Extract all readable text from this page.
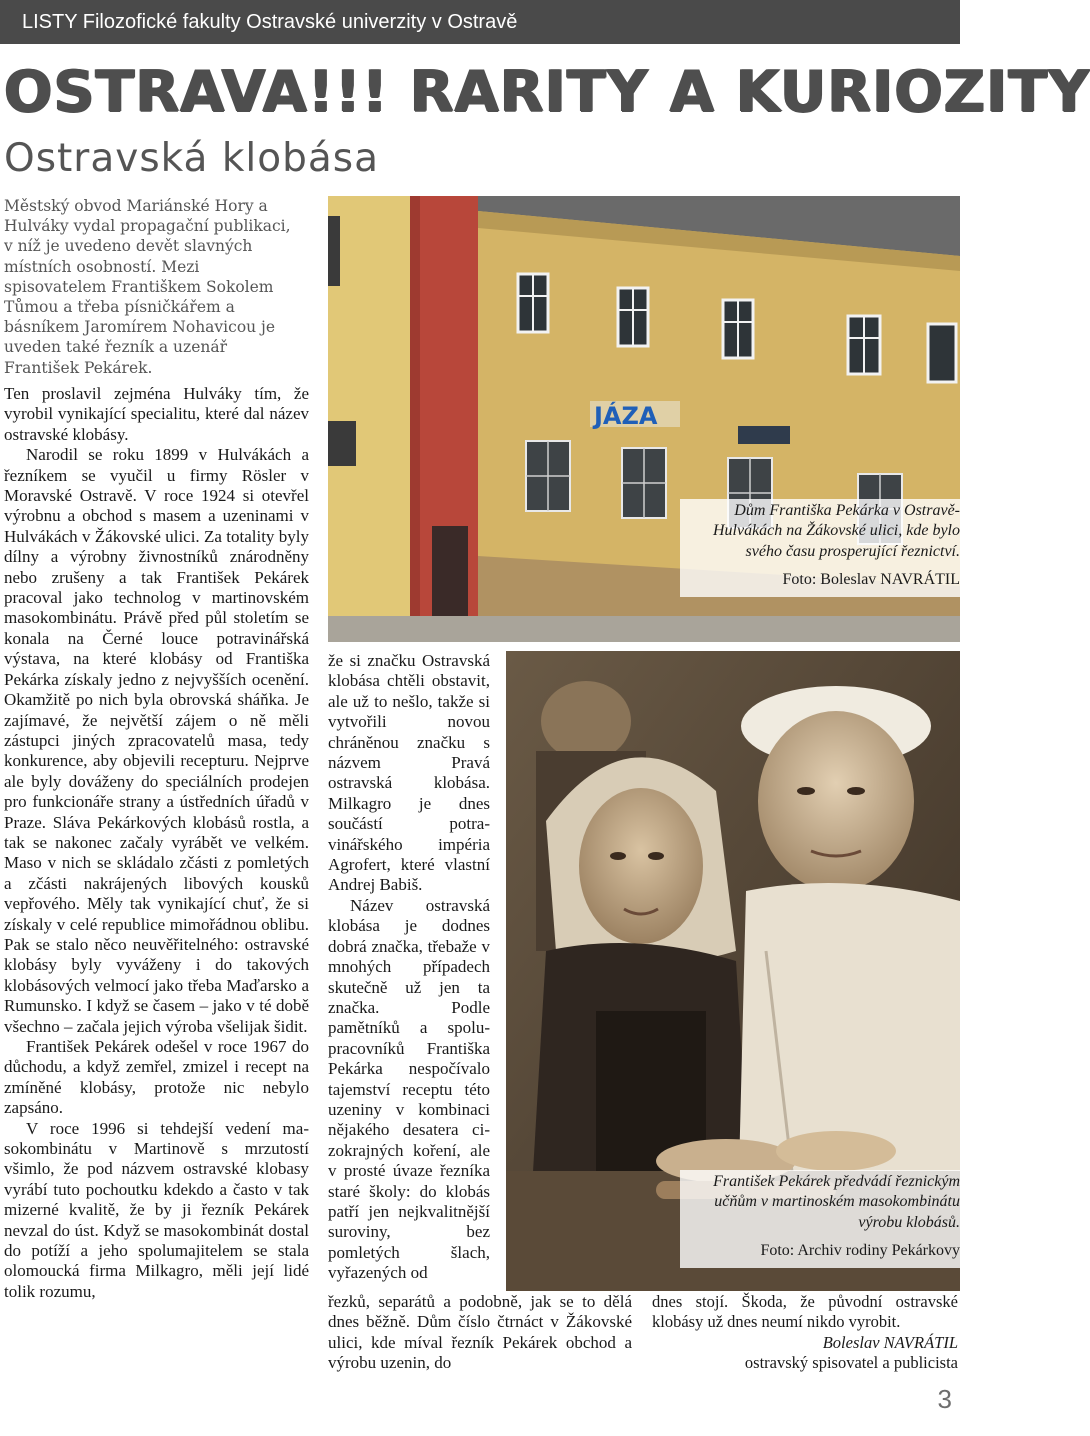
LISTY Filozofické fakulty Ostravské univerzity v Ostravě
OSTRAVA!!! RARITY A KURIOZITY
Ostravská klobása
Městský obvod Mariánské Hory a Hulváky vydal propagační publikaci, v níž je uvedeno devět slavných místních osobností. Mezi spisovatelem Františkem Sokolem Tůmou a třeba písničkářem a básníkem Jaromírem Nohavicou je uveden také řezník a uzenář František Pekárek.

Ten proslavil zejména Hulváky tím, že vyrobil vynikající specialitu, které dal název ostravské klobásy.

Narodil se roku 1899 v Hulvákách a řezníkem se vyučil u firmy Rösler v Moravské Ostravě. V roce 1924 si otevřel výrobnu a obchod s masem a uzeninami v Hulvákách v Žákovské ulici. Za totality byly dílny a výrobny živnostníků znárodněny nebo zrušeny a tak František Pekárek pracoval jako technolog v martinovském masokombinátu. Právě před půl stoletím se konala na Černé louce potravinářská výstava, na které klobásy od Františka Pekárka získaly jedno z nejvyšších ocenění. Okamžitě po nich byla obrovská sháňka. Je zajímavé, že největší zájem o ně měli zástupci jiných zpracovatelů masa, tedy konkurence, aby objevili recepturu. Nejprve ale byly dováženy do speciálních prodejen pro funkcionáře strany a ústředních úřadů v Praze. Sláva Pekárkových klobásů rostla, a tak se nakonec začaly vyrábět ve velkém. Maso v nich se skládalo zčásti z pomletých a zčásti nakrájených libových kousků vepřového. Měly tak vynikající chuť, že si získaly v celé republice mimořádnou oblibu. Pak se stalo něco neuvěřitelného: ostravské klobásy byly vyváženy i do takových klobásových velmocí jako třeba Maďarsko a Rumunsko. I když se časem – jako v té době všechno – začala jejich výroba všelijak šidit.

František Pekárek odešel v roce 1967 do důchodu, a když zemřel, zmizel i recept na zmíněné klobásy, protože nic nebylo zapsáno.

V roce 1996 si tehdejší vedení masokombinátu v Martinově s mrzutostí všimlo, že pod názvem ostravské klobasy vyrábí tuto pochoutku kdekdo a často v tak mizerné kvalitě, že by ji řezník Pekárek nevzal do úst. Když se masokombinát dostal do potíží a jeho spolumajitelem se stala olomoucká firma Milkagro, měli její lidé tolik rozumu,

JÁZA
Dům Františka Pekárka v Ostravě-Hulvákách na Žákovské ulici, kde bylo svého času prosperující řeznictví.
Foto: Boleslav NAVRÁTIL

že si značku Ostravská klobása chtěli obstavit, ale už to nešlo, takže si vytvořili novou chráněnou značku s názvem Pravá ostravská klobása. Milkagro je dnes součástí potravinářského impéria Agrofert, které vlastní Andrej Babiš.

Název ostravská klobása je dodnes dobrá značka, třebaže v mnohých případech skutečně už jen ta značka. Podle pamětníků a spolupracovníků Františka Pekárka nespočívalo tajemství receptu této uzeniny v kombinaci nějakého desatera cizokrajných koření, ale v prosté úvaze řezníka staré školy: do klobás patří jen nejkvalitnější suroviny, bez pomletých šlach, vyřazených od

František Pekárek předvádí řeznickým učňům v martinoském masokombinátu výrobu klobásů.
Foto: Archiv rodiny Pekárkovy

řezků, separátů a podobně, jak se to dělá dnes běžně. Dům číslo čtrnáct v Žákovské ulici, kde míval řezník Pekárek obchod a výrobu uzenin, do

dnes stojí. Škoda, že původní ostravské klobásy už dnes neumí nikdo vyrobit.

Boleslav NAVRÁTIL

ostravský spisovatel a publicista

3
